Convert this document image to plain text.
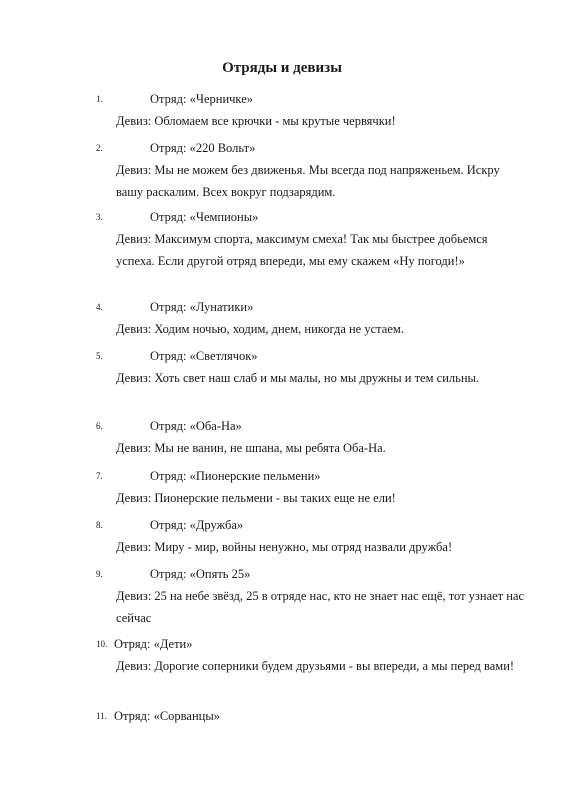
Отряды и девизы
1.	Отряд: «Черничке»
Девиз: Обломаем все крючки - мы крутые червячки!
2.	Отряд: «220 Вольт»
Девиз: Мы не можем без движенья. Мы всегда под напряженьем. Искру вашу раскалим. Всех вокруг подзарядим.
3.	Отряд: «Чемпионы»
Девиз: Максимум спорта, максимум смеха! Так мы быстрее добьемся успеха. Если другой отряд впереди, мы ему скажем «Ну погоди!»
4.	Отряд: «Лунатики»
Девиз: Ходим ночью, ходим, днем, никогда не устаем.
5.	Отряд: «Светлячок»
Девиз: Хоть свет наш слаб и мы малы, но мы дружны и тем сильны.
6.	Отряд: «Оба-На»
Девиз: Мы не ванин, не шпана, мы ребята Оба-На.
7.	Отряд: «Пионерские пельмени»
Девиз: Пионерские пельмени - вы таких еще не ели!
8.	Отряд: «Дружба»
Девиз: Миру - мир, войны ненужно, мы отряд назвали дружба!
9.	Отряд: «Опять 25»
Девиз: 25 на небе звёзд, 25 в отряде нас, кто не знает нас ещё, тот узнает нас сейчас
10. Отряд: «Дети»
Девиз: Дорогие соперники будем друзьями - вы впереди, а мы перед вами!
11. Отряд: «Сорванцы»
